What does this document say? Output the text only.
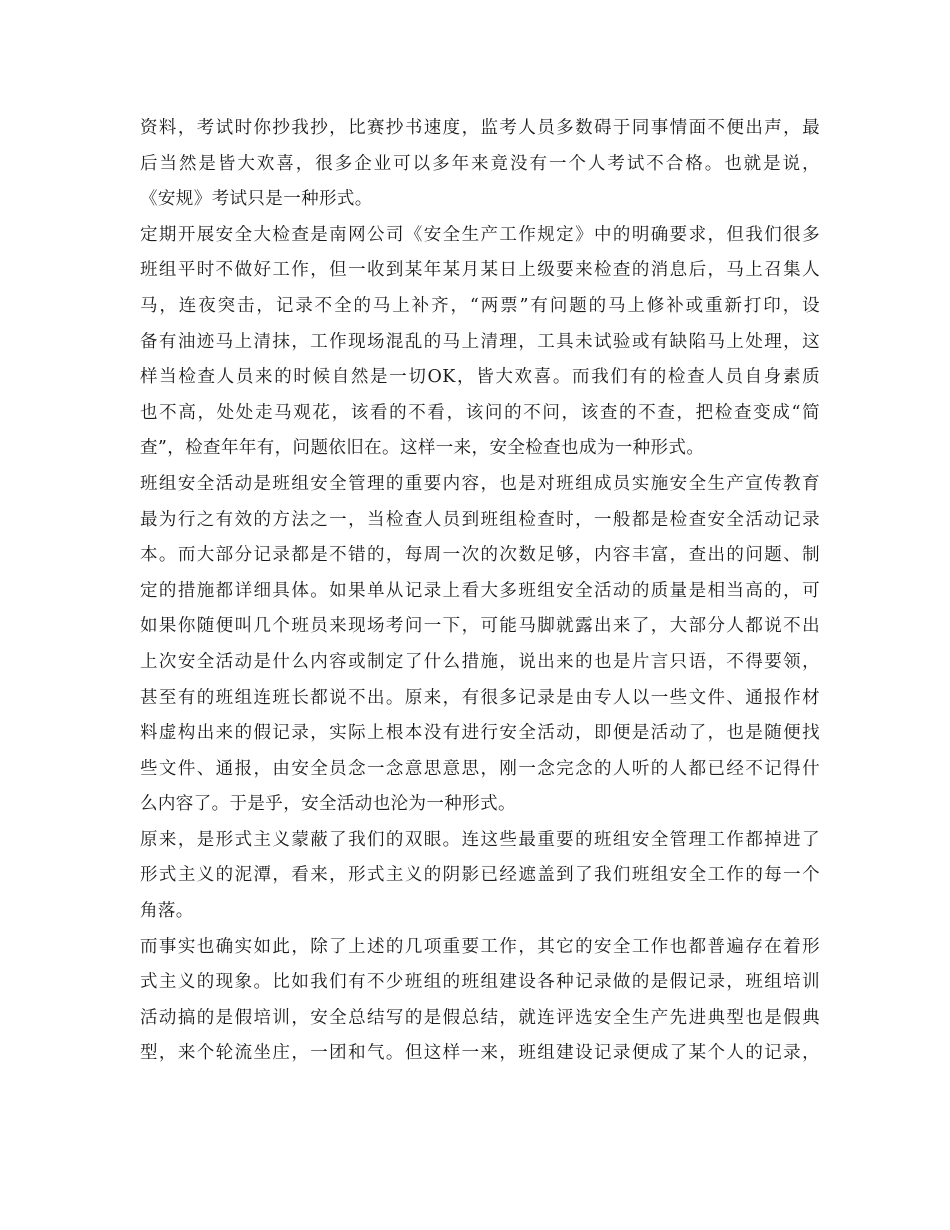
资料，考试时你抄我抄，比赛抄书速度，监考人员多数碍于同事情面不便出声，最
后当然是皆大欢喜，很多企业可以多年来竟没有一个人考试不合格。也就是说，
《安规》考试只是一种形式。
定期开展安全大检查是南网公司《安全生产工作规定》中的明确要求，但我们很多
班组平时不做好工作，但一收到某年某月某日上级要来检查的消息后，马上召集人
马，连夜突击，记录不全的马上补齐，“两票”有问题的马上修补或重新打印，设
备有油迹马上清抹，工作现场混乱的马上清理，工具未试验或有缺陷马上处理，这
样当检查人员来的时候自然是一切OK，皆大欢喜。而我们有的检查人员自身素质
也不高，处处走马观花，该看的不看，该问的不问，该查的不查，把检查变成“简
查”，检查年年有，问题依旧在。这样一来，安全检查也成为一种形式。
班组安全活动是班组安全管理的重要内容，也是对班组成员实施安全生产宣传教育
最为行之有效的方法之一，当检查人员到班组检查时，一般都是检查安全活动记录
本。而大部分记录都是不错的，每周一次的次数足够，内容丰富，查出的问题、制
定的措施都详细具体。如果单从记录上看大多班组安全活动的质量是相当高的，可
如果你随便叫几个班员来现场考问一下，可能马脚就露出来了，大部分人都说不出
上次安全活动是什么内容或制定了什么措施，说出来的也是片言只语，不得要领，
甚至有的班组连班长都说不出。原来，有很多记录是由专人以一些文件、通报作材
料虚构出来的假记录，实际上根本没有进行安全活动，即便是活动了，也是随便找
些文件、通报，由安全员念一念意思意思，刚一念完念的人听的人都已经不记得什
么内容了。于是乎，安全活动也沦为一种形式。
原来，是形式主义蒙蔽了我们的双眼。连这些最重要的班组安全管理工作都掉进了
形式主义的泥潭，看来，形式主义的阴影已经遮盖到了我们班组安全工作的每一个
角落。
而事实也确实如此，除了上述的几项重要工作，其它的安全工作也都普遍存在着形
式主义的现象。比如我们有不少班组的班组建设各种记录做的是假记录，班组培训
活动搞的是假培训，安全总结写的是假总结，就连评选安全生产先进典型也是假典
型，来个轮流坐庄，一团和气。但这样一来，班组建设记录便成了某个人的记录，
